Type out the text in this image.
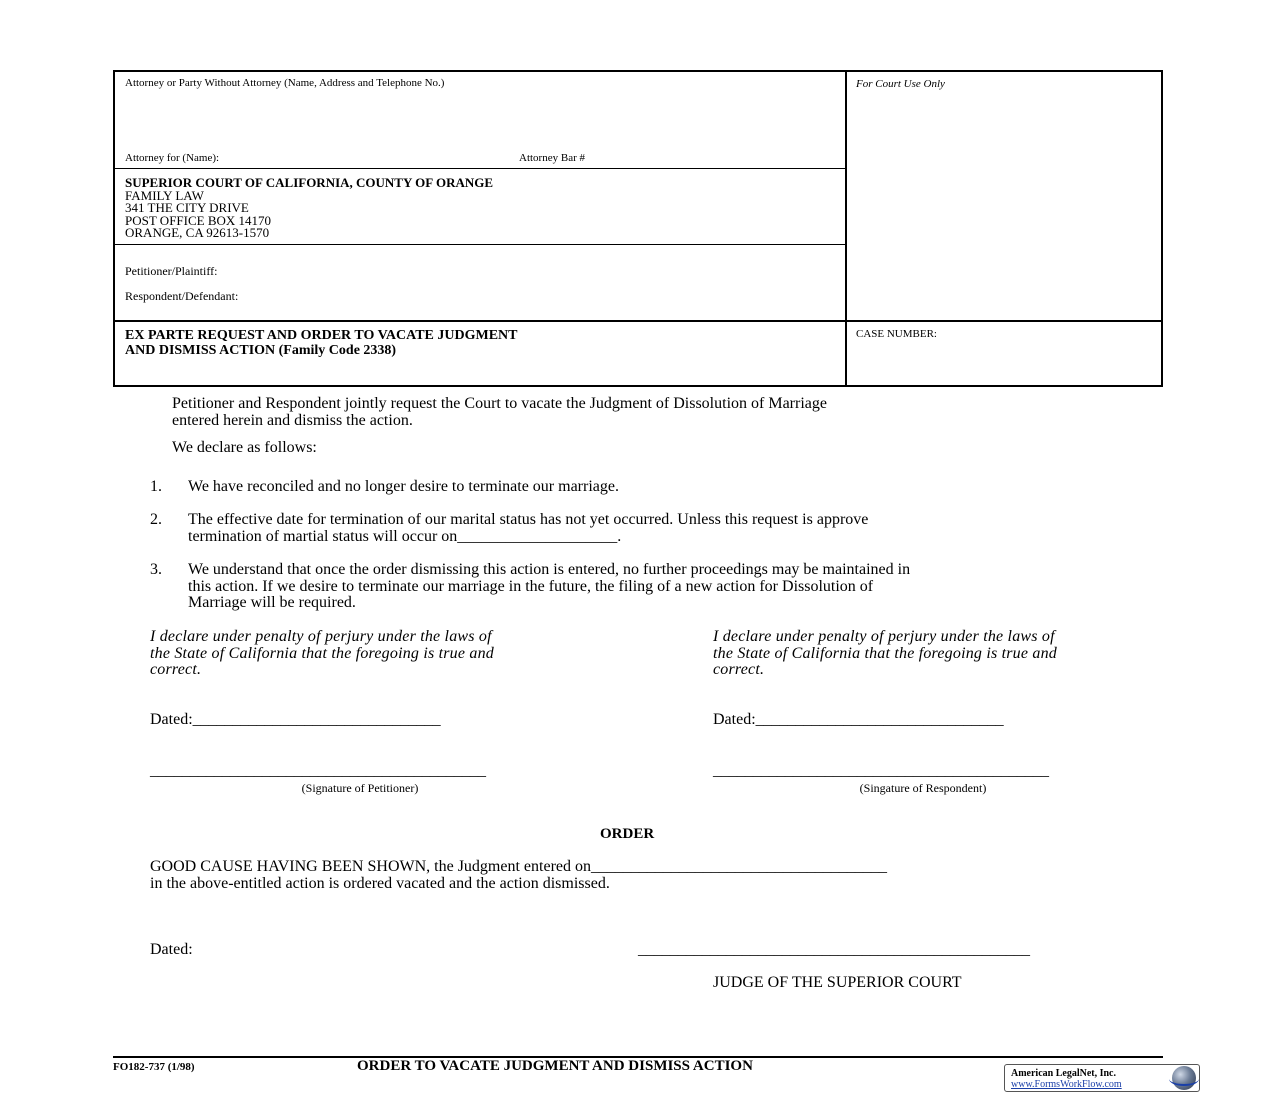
Attorney or Party Without Attorney (Name, Address and Telephone No.)
Attorney for (Name):	Attorney Bar #
For Court Use Only
SUPERIOR COURT OF CALIFORNIA, COUNTY OF ORANGE
FAMILY LAW
341 THE CITY DRIVE
POST OFFICE BOX 14170
ORANGE, CA 92613-1570
Petitioner/Plaintiff:
Respondent/Defendant:
EX PARTE REQUEST AND ORDER TO VACATE JUDGMENT
AND DISMISS ACTION (Family Code 2338)
CASE NUMBER:
Petitioner and Respondent jointly request the Court to vacate the Judgment of Dissolution of Marriage
entered herein and dismiss the action.
We declare as follows:
1. We have reconciled and no longer desire to terminate our marriage.
2. The effective date for termination of our marital status has not yet occurred. Unless this request is approve
termination of martial status will occur on____________________.
3. We understand that once the order dismissing this action is entered, no further proceedings may be maintained in
this action. If we desire to terminate our marriage in the future, the filing of a new action for Dissolution of
Marriage will be required.
I declare under penalty of perjury under the laws of
the State of California that the foregoing is true and
correct.
I declare under penalty of perjury under the laws of
the State of California that the foregoing is true and
correct.
Dated:_______________________________	Dated:_______________________________
__________________________________________
(Signature of Petitioner)
__________________________________________
(Singature of Respondent)
ORDER
GOOD CAUSE HAVING BEEN SHOWN, the Judgment entered on_____________________________________
in the above-entitled action is ordered vacated and the action dismissed.
Dated:	_________________________________________________
JUDGE OF THE SUPERIOR COURT
FO182-737 (1/98)	ORDER TO VACATE JUDGMENT AND DISMISS ACTION	American LegalNet, Inc.
www.FormsWorkFlow.com
